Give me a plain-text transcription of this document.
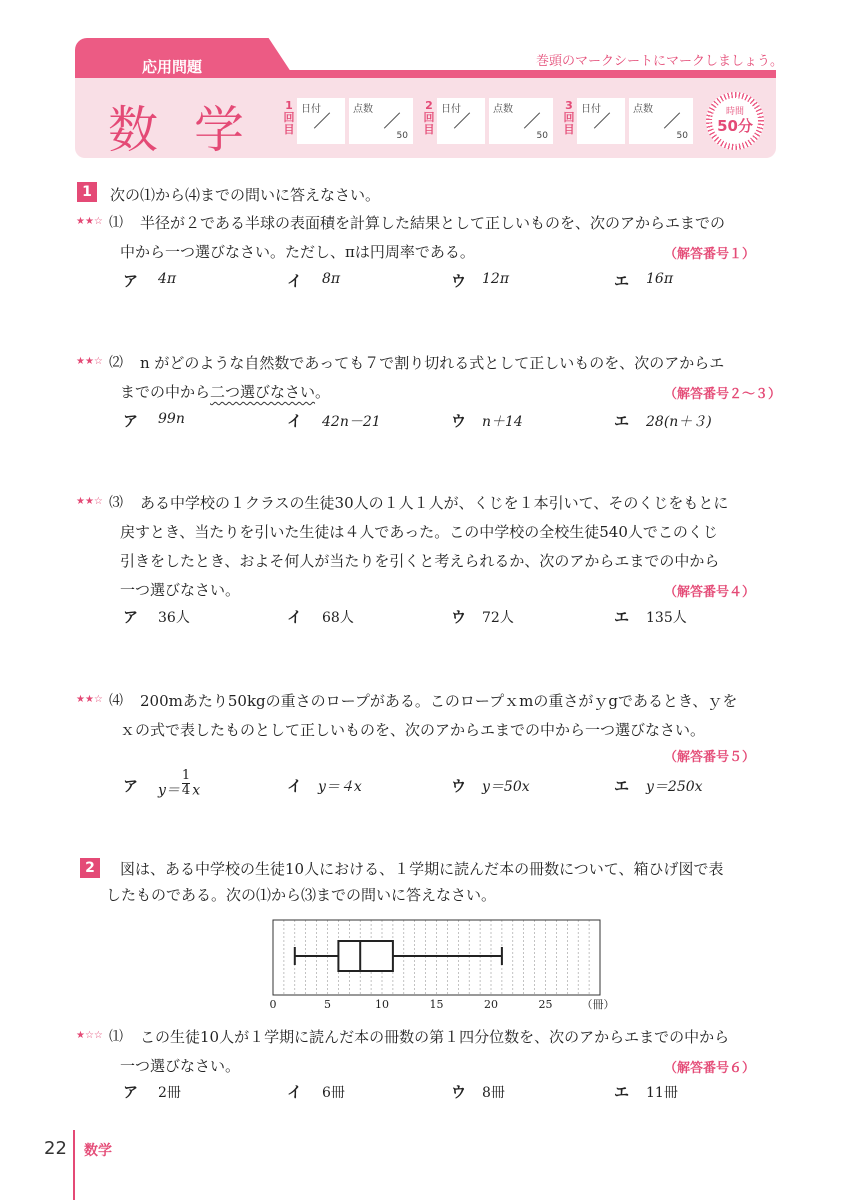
応用問題	巻頭のマークシートにマークしましょう。
数学 1回目
日付	点数
50
2回目
日付	点数
50
3回目
日付	点数
50
時間
50分
1	次の⑴から⑷までの問いに答えなさい。
★★☆ ⑴ 半径が２である半球の表面積を計算した結果として正しいものを、次のアからエまでの
中から一つ選びなさい。ただし、πは円周率である。	（解答番号１）
ア 4π	イ 8π	ウ 12π	エ 16π
★★☆ ⑵ n がどのような自然数であっても７で割り切れる式として正しいものを、次のアからエ
までの中から二つ選びなさい。	（解答番号２～３）
ア 99n	イ 42n－21	ウ n＋14	エ 28(n＋３)
★★☆ ⑶ ある中学校の１クラスの生徒30人の１人１人が、くじを１本引いて、そのくじをもとに
戻すとき、当たりを引いた生徒は４人であった。この中学校の全校生徒540人でこのくじ
引きをしたとき、およそ何人が当たりを引くと考えられるか、次のアからエまでの中から
一つ選びなさい。	（解答番号４）
ア 36人	イ 68人	ウ 72人	エ 135人
★★☆ ⑷ 200mあたり50kgの重さのロープがある。このロープｘmの重さがｙgであるとき、ｙを
ｘの式で表したものとして正しいものを、次のアからエまでの中から一つ選びなさい。
（解答番号５）
ア $y= \frac{1}{4}$ x	イ y＝４x	ウ y＝50x	エ y＝250x
2	図は、ある中学校の生徒10人における、１学期に読んだ本の冊数について、箱ひげ図で表
したものである。次の⑴から⑶までの問いに答えなさい。
0	5	10	15	20	25	（冊）
★☆☆ ⑴ この生徒10人が１学期に読んだ本の冊数の第１四分位数を、次のアからエまでの中から
一つ選びなさい。	（解答番号６）
ア 2冊	イ 6冊	ウ 8冊	エ 11冊
22 数学
